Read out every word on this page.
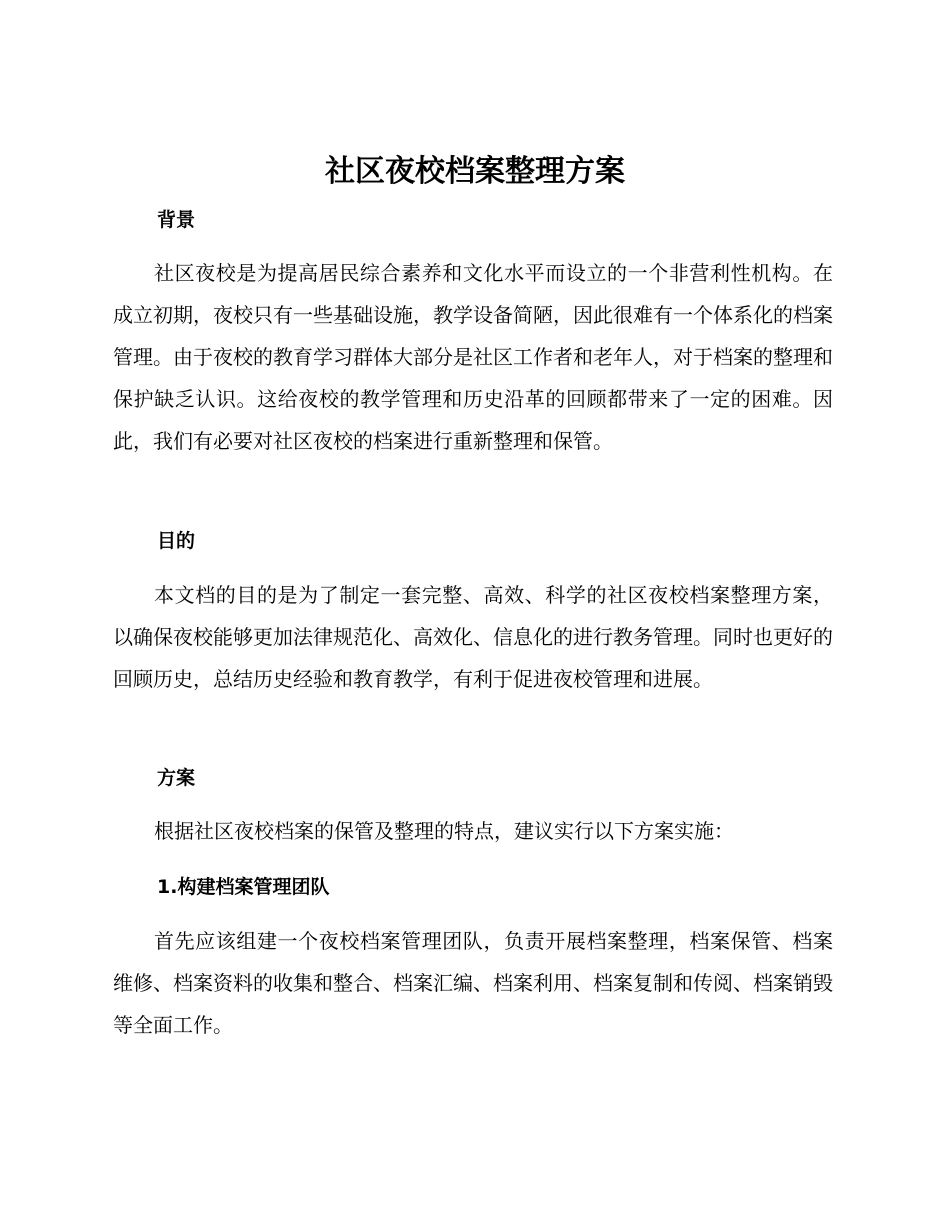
社区夜校档案整理方案
背景

社区夜校是为提高居民综合素养和文化水平而设立的一个非营利性机构。在成立初期，夜校只有一些基础设施，教学设备简陋，因此很难有一个体系化的档案管理。由于夜校的教育学习群体大部分是社区工作者和老年人，对于档案的整理和保护缺乏认识。这给夜校的教学管理和历史沿革的回顾都带来了一定的困难。因此，我们有必要对社区夜校的档案进行重新整理和保管。

目的

本文档的目的是为了制定一套完整、高效、科学的社区夜校档案整理方案，以确保夜校能够更加法律规范化、高效化、信息化的进行教务管理。同时也更好的回顾历史，总结历史经验和教育教学，有利于促进夜校管理和进展。

方案

根据社区夜校档案的保管及整理的特点，建议实行以下方案实施：

1.构建档案管理团队

首先应该组建一个夜校档案管理团队，负责开展档案整理，档案保管、档案维修、档案资料的收集和整合、档案汇编、档案利用、档案复制和传阅、档案销毁等全面工作。
